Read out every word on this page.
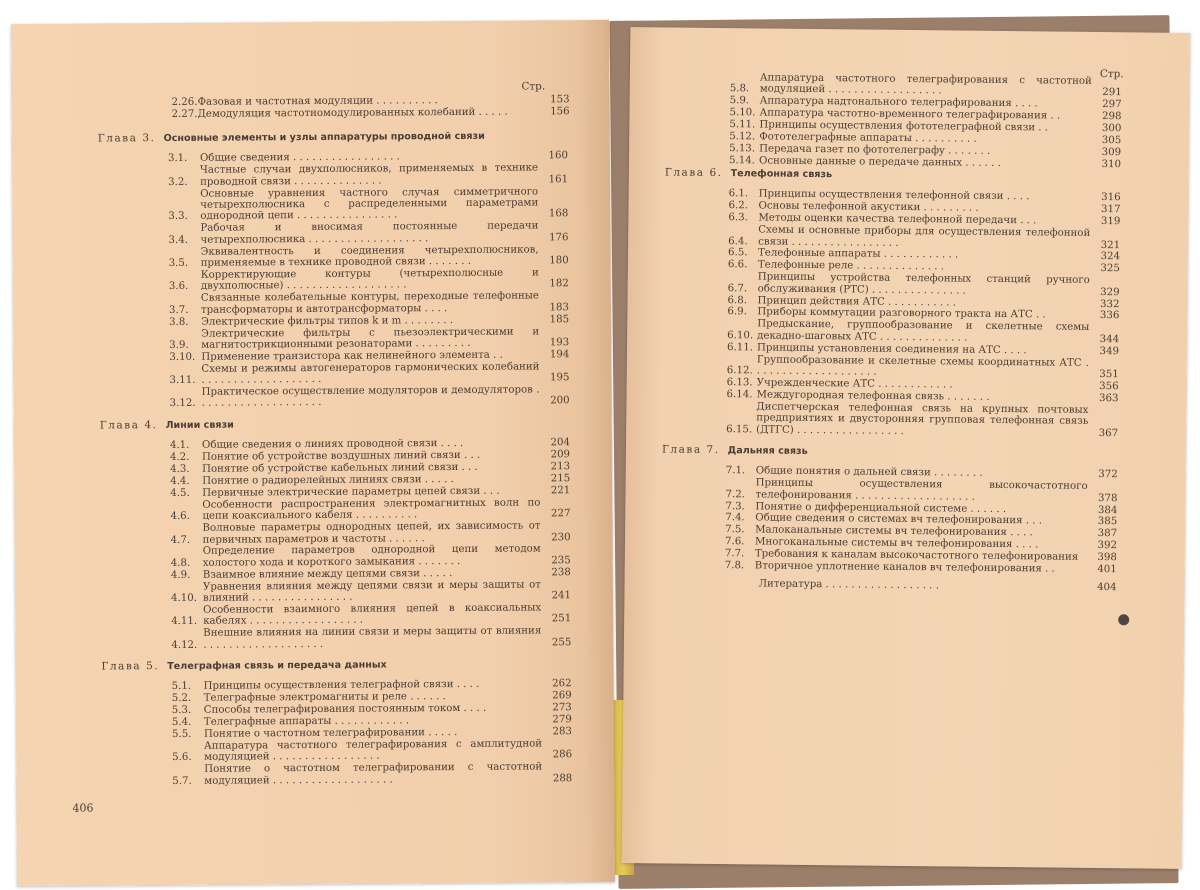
Стр.
2.26. Фазовая и частотная модуляции . . . . . . . . . .	153
2.27. Демодуляция частотномодулированных колебаний . . . . .	156
Глава 3. Основные элементы и узлы аппаратуры проводной связи
3.1.	Общие сведения . . . . . . . . . . . . . . . . .	160
3.2.
Частные случаи двухполюсников, применяемых в технике проводной связи . . . . . . . . . . . . . .	161
3.3.
Основные уравнения частного случая симметричного четырехполюсника с распределенными параметрами однородной цепи . . . . . . . . . . . . . . . .	168
3.4.
Рабочая и вносимая постоянные передачи четырехполюсника . . . . . . . . . . . . . . . . . . .	176
3.5.
Эквивалентность и соединения четырехполюсников, применяемые в технике проводной связи . . . . . . .	180
3.6.
Корректирующие контуры (четырехполюсные и двухполюсные) . . . . . . . . . . . . . . . . . . .	182
3.7.
Связанные колебательные контуры, переходные телефонные трансформаторы и автотрансформаторы . . . .	183
3.8.	Электрические фильтры типов k и m . . . . . . . .	185
3.9.
Электрические фильтры с пьезоэлектрическими и магнитострикционными резонаторами . . . . . . . . .	193
3.10. Применение транзистора как нелинейного элемента . .	194
3.11.
Схемы и режимы автогенераторов гармонических колебаний . . . . . . . . . . . . . . . . . . .	195
3.12.
Практическое осуществление модуляторов и демодуляторов . . . . . . . . . . . . . . . . . . . .	200
Глава 4. Линии связи
4.1.	Общие сведения о линиях проводной связи . . . .	204
4.2.	Понятие об устройстве воздушных линий связи . . .	209
4.3.	Понятие об устройстве кабельных линий связи . . .	213
4.4.	Понятие о радиорелейных линиях связи . . . . .	215
4.5.	Первичные электрические параметры цепей связи . . .	221
4.6.
Особенности распространения электромагнитных волн по цепи коаксиального кабеля . . . . . . . . . .	227
4.7.
Волновые параметры однородных цепей, их зависимость от первичных параметров и частоты . . . . . .	230
4.8.
Определение параметров однородной цепи методом холостого хода и короткого замыкания . . . . . . .	235
4.9.	Взаимное влияние между цепями связи . . . . .	238
4.10.
Уравнения влияния между цепями связи и меры защиты от влияний . . . . . . . . . . . . . . . .	241
4.11.
Особенности взаимного влияния цепей в коаксиальных кабелях . . . . . . . . . . . . . . . . . .	251
4.12.
Внешние влияния на линии связи и меры защиты от влияния . . . . . . . . . . . . . . . . . . .	255
Глава 5. Телеграфная связь и передача данных
5.1.	Принципы осуществления телеграфной связи . . . .	262
5.2.	Телеграфные электромагниты и реле . . . . . .	269
5.3.	Способы телеграфирования постоянным током . . . .	273
5.4.	Телеграфные аппараты . . . . . . . . . . . .	279
5.5.	Понятие о частотном телеграфировании . . . . .	283
5.6.
Аппаратура частотного телеграфирования с амплитудной модуляцией . . . . . . . . . . . . . . . . .	286
5.7.
Понятие о частотном телеграфировании с частотной модуляцией . . . . . . . . . . . . . . . . . . .	288
406
Стр.
5.8.
Аппаратура частотного телеграфирования с частотной модуляцией . . . . . . . . . . . . . . . . . .	291
5.9.	Аппаратура надтонального телеграфирования . . . .	297
5.10. Аппаратура частотно-временного телеграфирования . .	298
5.11. Принципы осуществления фототелеграфной связи . .	300
5.12. Фототелеграфные аппараты . . . . . . . . . .	305
5.13. Передача газет по фототелеграфу . . . . . . .	309
5.14. Основные данные о передаче данных . . . . . .	310
Глава 6. Телефонная связь
6.1.	Принципы осуществления телефонной связи . . . .	316
6.2.	Основы телефонной акустики . . . . . . . . .	317
6.3.	Методы оценки качества телефонной передачи . . .	319
6.4.
Схемы и основные приборы для осуществления телефонной связи . . . . . . . . . . . . . . . . .	321
6.5.	Телефонные аппараты . . . . . . . . . . . .	324
6.6.	Телефонные реле . . . . . . . . . . . . . .	325
6.7.
Принципы устройства телефонных станций ручного обслуживания (РТС) . . . . . . . . . . . . . . .	329
6.8.	Принцип действия АТС . . . . . . . . . . .	332
6.9.	Приборы коммутации разговорного тракта на АТС . .	336
6.10.
Предыскание, группообразование и скелетные схемы декадно-шаговых АТС . . . . . . . . . . . . . .	344
6.11. Принципы установления соединения на АТС . . . .	349
6.12.
Группообразование и скелетные схемы координатных АТС . . . . . . . . . . . . . . . . . . . .	351
6.13. Учрежденческие АТС . . . . . . . . . . . .	356
6.14. Междугородная телефонная связь . . . . . . .	363
6.15.
Диспетчерская телефонная связь на крупных почтовых предприятиях и двусторонняя групповая телефонная связь (ДТГС) . . . . . . . . . . . . . . . . .	367
Глава 7. Дальняя связь
7.1.	Общие понятия о дальней связи . . . . . . . .	372
7.2.
Принципы осуществления высокочастотного телефонирования . . . . . . . . . . . . . . . . . . .	378
7.3.	Понятие о дифференциальной системе . . . . . .	384
7.4.	Общие сведения о системах вч телефонирования . . .	385
7.5.	Малоканальные системы вч телефонирования . . . .	387
7.6.	Многоканальные системы вч телефонирования . . . .	392
7.7.	Требования к каналам высокочастотного телефонирования	398
7.8.	Вторичное уплотнение каналов вч телефонирования . .	401
Литература . . . . . . . . . . . . . . . . . .	404
